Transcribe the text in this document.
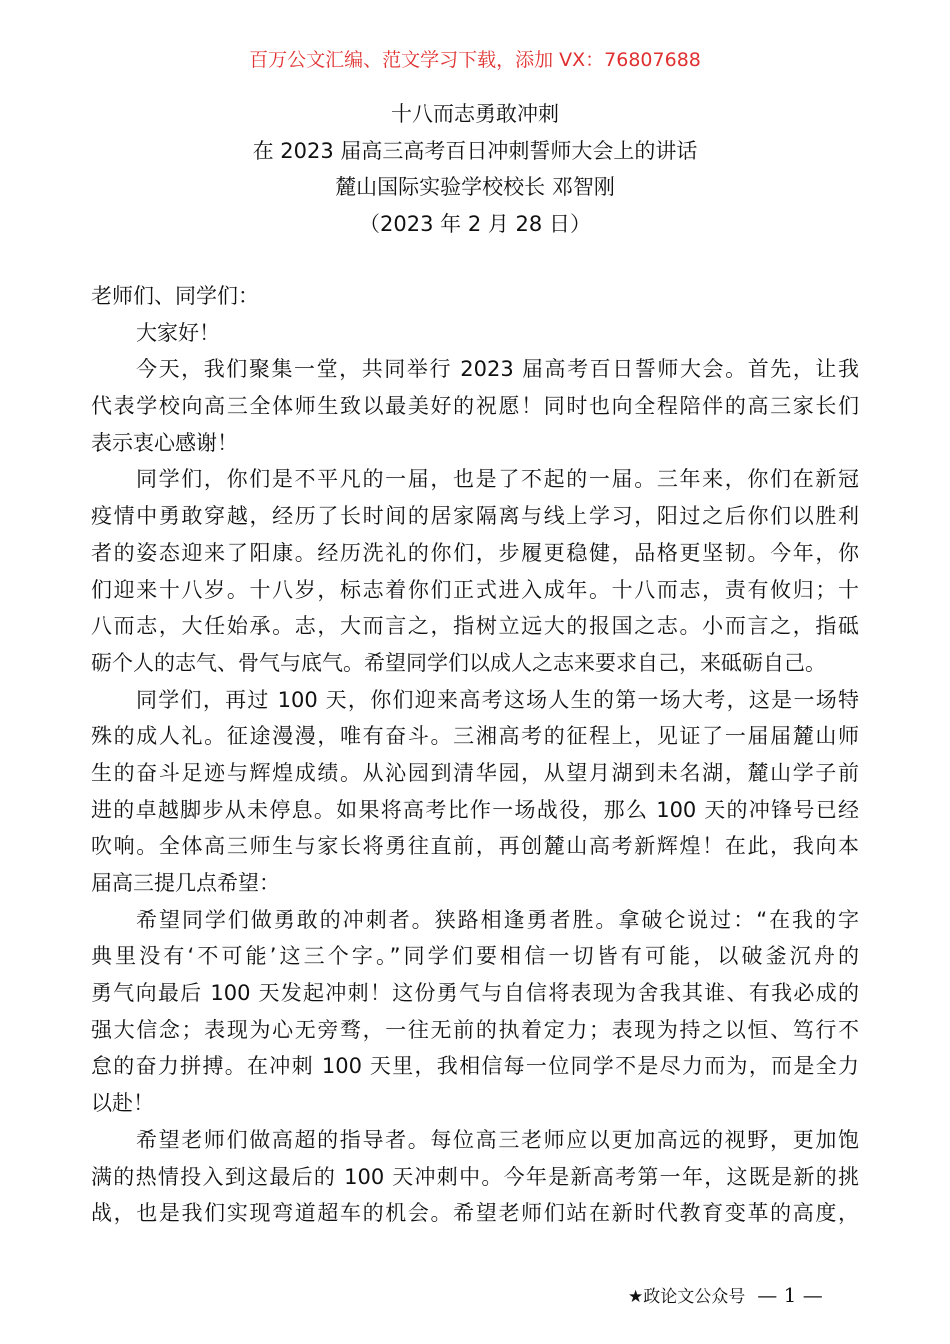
百万公文汇编、范文学习下载，添加 VX：76807688
十八而志勇敢冲刺
在 2023 届高三高考百日冲刺誓师大会上的讲话
麓山国际实验学校校长 邓智刚
（2023 年 2 月 28 日）
老师们、同学们：
大家好！
今天，我们聚集一堂，共同举行 2023 届高考百日誓师大会。首先，让我
代表学校向高三全体师生致以最美好的祝愿！同时也向全程陪伴的高三家长们
表示衷心感谢！
同学们，你们是不平凡的一届，也是了不起的一届。三年来，你们在新冠
疫情中勇敢穿越，经历了长时间的居家隔离与线上学习，阳过之后你们以胜利
者的姿态迎来了阳康。经历洗礼的你们，步履更稳健，品格更坚韧。今年，你
们迎来十八岁。十八岁，标志着你们正式进入成年。十八而志，责有攸归；十
八而志，大任始承。志，大而言之，指树立远大的报国之志。小而言之，指砥
砺个人的志气、骨气与底气。希望同学们以成人之志来要求自己，来砥砺自己。
同学们，再过 100 天，你们迎来高考这场人生的第一场大考，这是一场特
殊的成人礼。征途漫漫，唯有奋斗。三湘高考的征程上，见证了一届届麓山师
生的奋斗足迹与辉煌成绩。从沁园到清华园，从望月湖到未名湖，麓山学子前
进的卓越脚步从未停息。如果将高考比作一场战役，那么 100 天的冲锋号已经
吹响。全体高三师生与家长将勇往直前，再创麓山高考新辉煌！在此，我向本
届高三提几点希望：
希望同学们做勇敢的冲刺者。狭路相逢勇者胜。拿破仑说过：“在我的字
典里没有‘不可能’这三个字。”同学们要相信一切皆有可能，以破釜沉舟的
勇气向最后 100 天发起冲刺！这份勇气与自信将表现为舍我其谁、有我必成的
强大信念；表现为心无旁骛，一往无前的执着定力；表现为持之以恒、笃行不
怠的奋力拼搏。在冲刺 100 天里，我相信每一位同学不是尽力而为，而是全力
以赴！
希望老师们做高超的指导者。每位高三老师应以更加高远的视野，更加饱
满的热情投入到这最后的 100 天冲刺中。今年是新高考第一年，这既是新的挑
战，也是我们实现弯道超车的机会。希望老师们站在新时代教育变革的高度，
★政论文公众号 — 1 —
